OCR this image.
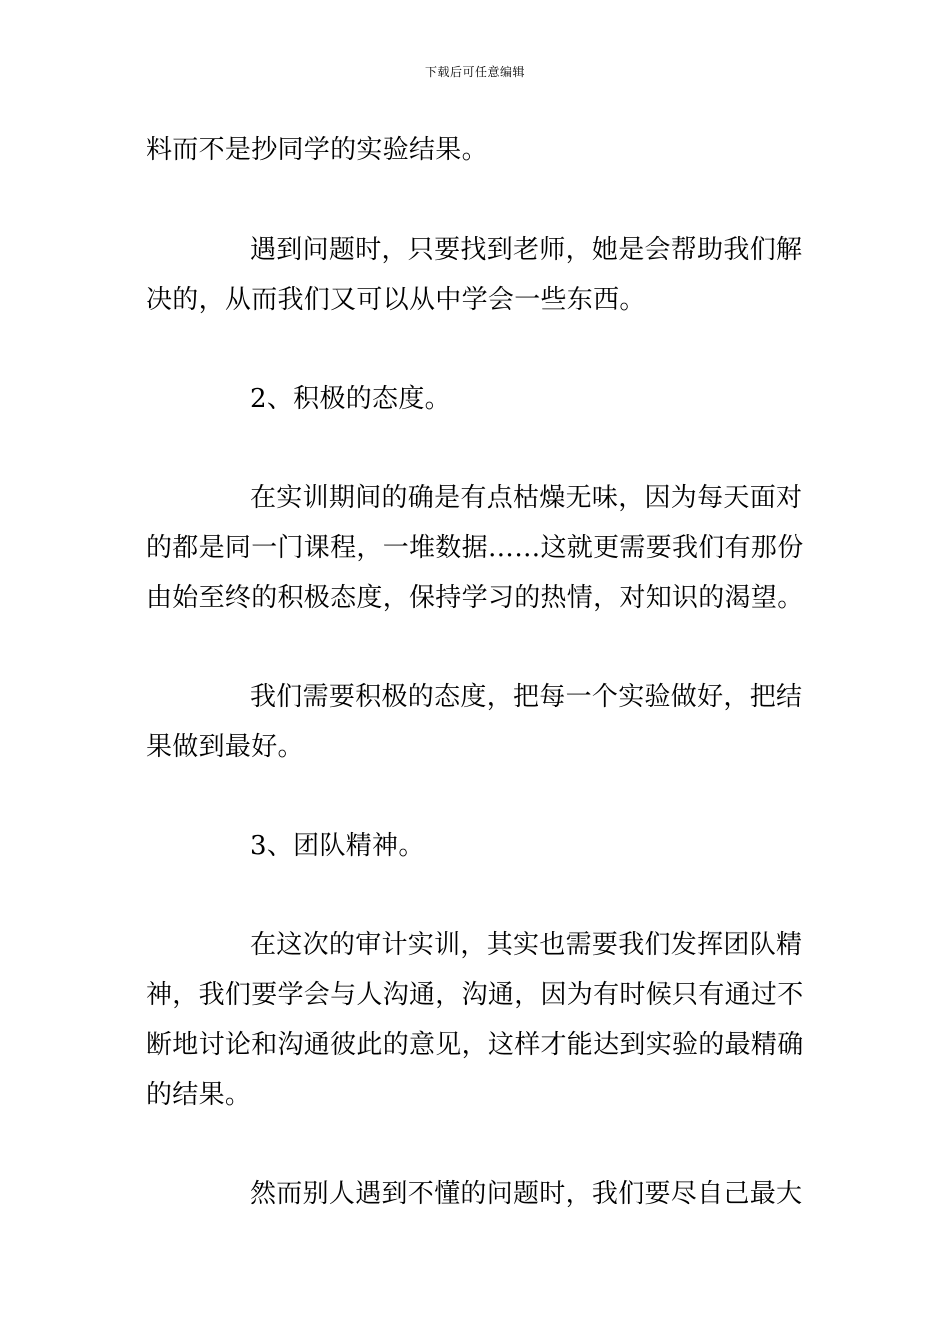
下载后可任意编辑
料而不是抄同学的实验结果。
遇到问题时，只要找到老师，她是会帮助我们解
决的，从而我们又可以从中学会一些东西。
2、积极的态度。
在实训期间的确是有点枯燥无味，因为每天面对
的都是同一门课程，一堆数据……这就更需要我们有那份
由始至终的积极态度，保持学习的热情，对知识的渴望。
我们需要积极的态度，把每一个实验做好，把结
果做到最好。
3、团队精神。
在这次的审计实训，其实也需要我们发挥团队精
神，我们要学会与人沟通，沟通，因为有时候只有通过不
断地讨论和沟通彼此的意见，这样才能达到实验的最精确
的结果。
然而别人遇到不懂的问题时，我们要尽自己最大
